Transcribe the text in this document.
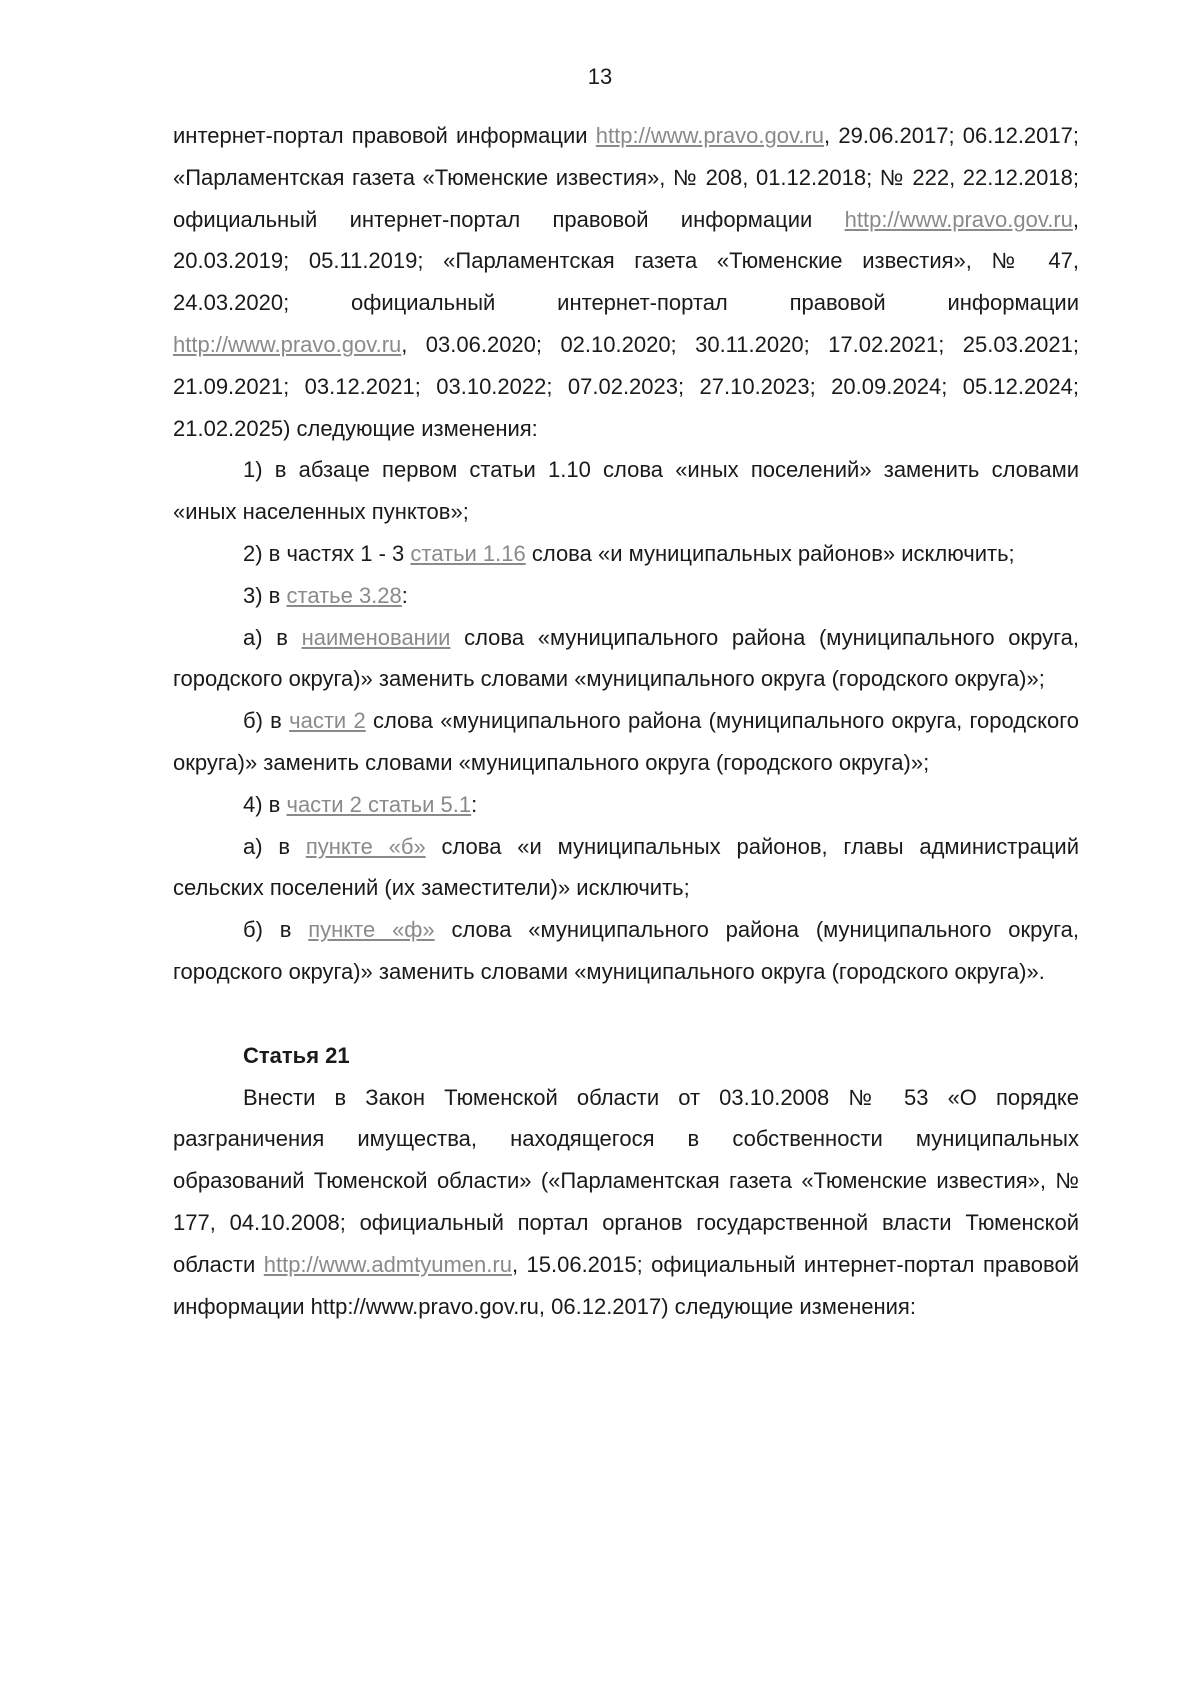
13

интернет-портал правовой информации http://www.pravo.gov.ru, 29.06.2017; 06.12.2017; «Парламентская газета «Тюменские известия», № 208, 01.12.2018; № 222, 22.12.2018; официальный интернет-портал правовой информации http://www.pravo.gov.ru, 20.03.2019; 05.11.2019; «Парламентская газета «Тюменские известия», № 47, 24.03.2020; официальный интернет-портал правовой информации http://www.pravo.gov.ru, 03.06.2020; 02.10.2020; 30.11.2020; 17.02.2021; 25.03.2021; 21.09.2021; 03.12.2021; 03.10.2022; 07.02.2023; 27.10.2023; 20.09.2024; 05.12.2024; 21.02.2025) следующие изменения:

1) в абзаце первом статьи 1.10 слова «иных поселений» заменить словами «иных населенных пунктов»;

2) в частях 1 - 3 статьи 1.16 слова «и муниципальных районов» исключить;

3) в статье 3.28:

а) в наименовании слова «муниципального района (муниципального округа, городского округа)» заменить словами «муниципального округа (городского округа)»;

б) в части 2 слова «муниципального района (муниципального округа, городского округа)» заменить словами «муниципального округа (городского округа)»;

4) в части 2 статьи 5.1:

а) в пункте «б» слова «и муниципальных районов, главы администраций сельских поселений (их заместители)» исключить;

б) в пункте «ф» слова «муниципального района (муниципального округа, городского округа)» заменить словами «муниципального округа (городского округа)».

Статья 21

Внести в Закон Тюменской области от 03.10.2008 № 53 «О порядке разграничения имущества, находящегося в собственности муниципальных образований Тюменской области» («Парламентская газета «Тюменские известия», № 177, 04.10.2008; официальный портал органов государственной власти Тюменской области http://www.admtyumen.ru, 15.06.2015; официальный интернет-портал правовой информации http://www.pravo.gov.ru, 06.12.2017) следующие изменения:
